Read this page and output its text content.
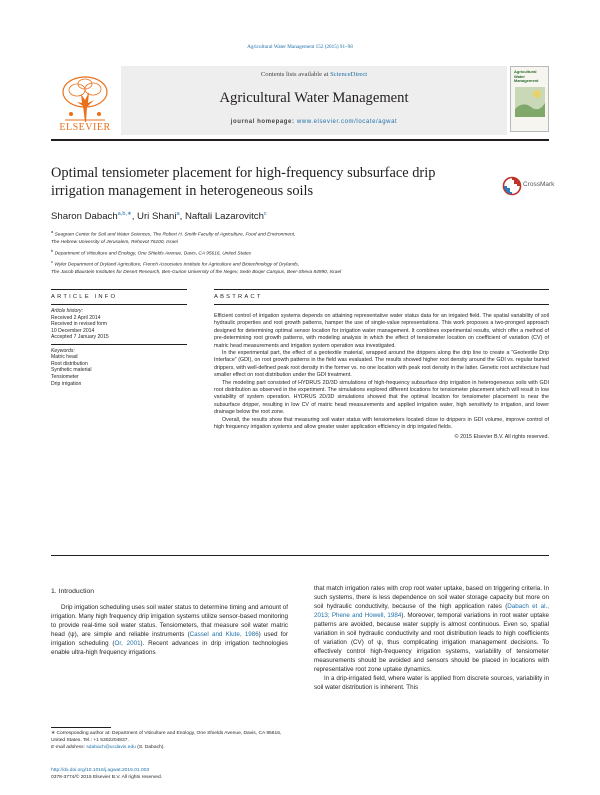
Agricultural Water Management 152 (2015) 91–98
ELSEVIER
Contents lists available at ScienceDirect
Agricultural Water Management
journal homepage: www.elsevier.com/locate/agwat
Agricultural
Water Management
Optimal tensiometer placement for high-frequency subsurface drip irrigation management in heterogeneous soils	CrossMark
Sharon Dabach$^{a,b,∗}$, Uri Shani$^a$, Naftali Lazarovitch$^c$
$^a$ Seagram Center for Soil and Water Sciences, The Robert H. Smith Faculty of Agriculture, Food and Environment,
The Hebrew University of Jerusalem, Rehovot 76100, Israel
$^b$ Department of Viticulture and Enology, One Shields Avenue, Davis, CA 95616, United States
$^c$ Wyler Department of Dryland Agriculture, French Associates Institute for Agriculture and Biotechnology of Drylands,
The Jacob Blaustein Institutes for Desert Research, Ben-Gurion University of the Negev, Sede Boqer Campus, Beer-Sheva 84990, Israel
ARTICLE INFO	ABSTRACT
Article history:
Received 2 April 2014
Received in revised form
10 December 2014
Accepted 7 January 2015
Keywords:
Matric head
Root distribution
Synthetic material
Tensiometer
Drip irrigation

Efficient control of irrigation systems depends on attaining representative water status data for an irrigated field. The spatial variability of soil hydraulic properties and root growth patterns, hamper the use of single-value representations. This work proposes a two-pronged approach designed for determining optimal sensor location for irrigation water management. It combines experimental results, which offer a method of pre-determining root growth patterns, with modeling analysis in which the effect of tensiometer location on coefficient of variation (CV) of matric head measurements and irrigation system operation was investigated.

In the experimental part, the effect of a geotextile material, wrapped around the drippers along the drip line to create a “Geotextile Drip Interface” (GDI), on root growth patterns in the field was evaluated. The results showed higher root density around the GDI vs. regular buried drippers, with well-defined peak root density in the former vs. no one location with peak root density in the latter. Genetic root architecture had smaller effect on root distribution under the GDI treatment.

The modeling part consisted of HYDRUS 2D/3D simulations of high-frequency subsurface drip irrigation in heterogeneous soils with GDI root distribution as observed in the experiment. The simulations explored different locations for tensiometer placement which will result in low variability of system operation. HYDRUS 2D/3D simulations showed that the optimal location for tensiometer placement is near the subsurface dripper, resulting in low CV of matric head measurements and applied irrigation water, high sensitivity to irrigation, and lower drainage below the root zone.

Overall, the results show that measuring soil water status with tensiometers located close to drippers in GDI volume, improve control of high frequency irrigation systems and allow greater water application efficiency in drip irrigated fields.

© 2015 Elsevier B.V. All rights reserved.

1. Introduction

Drip irrigation scheduling uses soil water status to determine timing and amount of irrigation. Many high frequency drip irrigation systems utilize sensor-based monitoring to provide real-time soil water status. Tensiometers, that measure soil water matric head (ψ), are simple and reliable instruments (Cassel and Klute, 1986) used for irrigation scheduling (Or, 2001). Recent advances in drip irrigation technologies enable ultra-high frequency irrigations

that match irrigation rates with crop root water uptake, based on triggering criteria. In such systems, there is less dependence on soil water storage capacity but more on soil hydraulic conductivity, because of the high application rates (Dabach et al., 2013; Phene and Howell, 1984). Moreover, temporal variations in root water uptake patterns are avoided, because water supply is almost continuous. Even so, spatial variation in soil hydraulic conductivity and root distribution leads to high coefficients of variation (CV) of ψ, thus complicating irrigation management decisions. To effectively control high-frequency irrigation systems, variability of tensiometer measurements should be avoided and sensors should be placed in locations with representative root zone uptake dynamics.

In a drip-irrigated field, where water is applied from discrete sources, variability in soil water distribution is inherent. This

∗ Corresponding author at: Department of Viticulture and Enology, One Shields Avenue, Davis, CA 95616, United States. Tel.: +1 5302204837.
E-mail address: sdabach@ucdavis.edu (S. Dabach).
http://dx.doi.org/10.1016/j.agwat.2015.01.003
0378-3774/© 2015 Elsevier B.V. All rights reserved.
